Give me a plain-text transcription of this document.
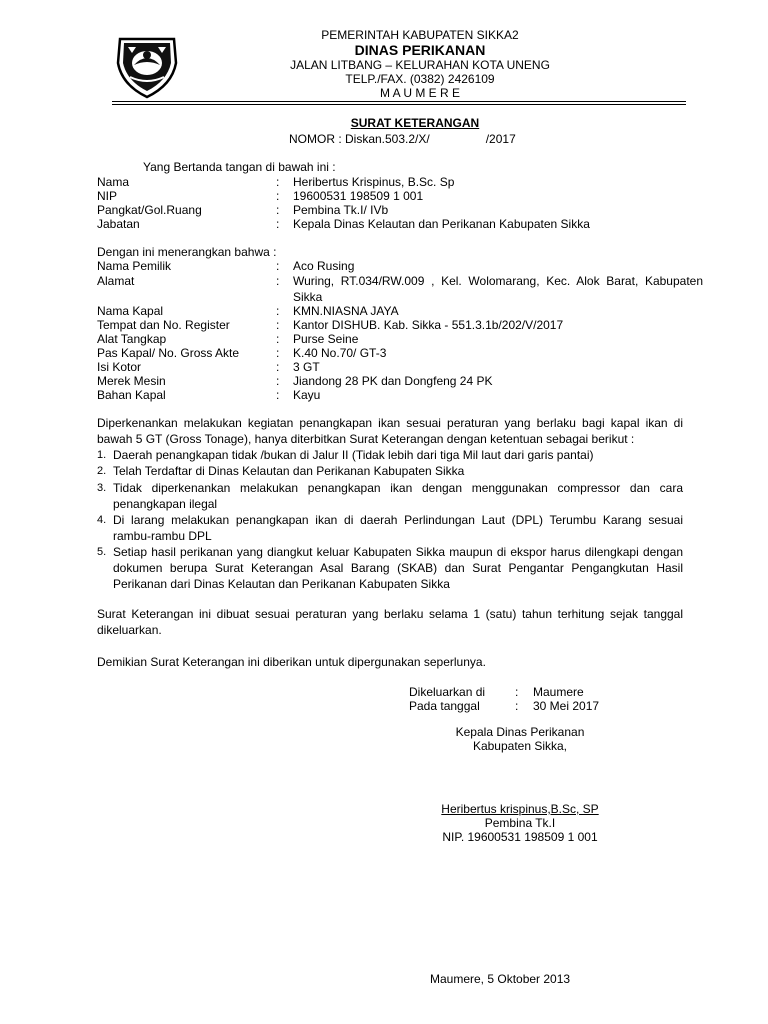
PEMERINTAH KABUPATEN SIKKA2
DINAS PERIKANAN
JALAN LITBANG – KELURAHAN KOTA UNENG
TELP./FAX. (0382) 2426109
M A U M E R E
SURAT KETERANGAN
NOMOR : Diskan.503.2/X/	/2017
Yang Bertanda tangan di bawah ini :
Nama	: Heribertus Krispinus, B.Sc. Sp
NIP	: 19600531 198509 1 001
Pangkat/Gol.Ruang	: Pembina Tk.I/ IVb
Jabatan	: Kepala Dinas Kelautan dan Perikanan Kabupaten Sikka
Dengan ini menerangkan bahwa :
Nama Pemilik	: Aco Rusing
Alamat	: Wuring, RT.034/RW.009 , Kel. Wolomarang, Kec. Alok Barat, Kabupaten Sikka
Nama Kapal	: KMN.NIASNA JAYA
Tempat dan No. Register	: Kantor DISHUB. Kab. Sikka - 551.3.1b/202/V/2017
Alat Tangkap	: Purse Seine
Pas Kapal/ No. Gross Akte	: K.40 No.70/ GT-3
Isi Kotor	: 3 GT
Merek Mesin	: Jiandong 28 PK dan Dongfeng 24 PK
Bahan Kapal	: Kayu
Diperkenankan melakukan kegiatan penangkapan ikan sesuai peraturan yang berlaku bagi kapal ikan di bawah 5 GT (Gross Tonage), hanya diterbitkan Surat Keterangan dengan ketentuan sebagai berikut :
1. Daerah penangkapan tidak /bukan di Jalur II (Tidak lebih dari tiga Mil laut dari garis pantai)
2. Telah Terdaftar di Dinas Kelautan dan Perikanan Kabupaten Sikka
3. Tidak diperkenankan melakukan penangkapan ikan dengan menggunakan compressor dan cara penangkapan ilegal
4. Di larang melakukan penangkapan ikan di daerah Perlindungan Laut (DPL) Terumbu Karang sesuai rambu-rambu DPL
5. Setiap hasil perikanan yang diangkut keluar Kabupaten Sikka maupun di ekspor harus dilengkapi dengan dokumen berupa Surat Keterangan Asal Barang (SKAB) dan Surat Pengantar Pengangkutan Hasil Perikanan dari Dinas Kelautan dan Perikanan Kabupaten Sikka
Surat Keterangan ini dibuat sesuai peraturan yang berlaku selama 1 (satu) tahun terhitung sejak tanggal dikeluarkan.
Demikian Surat Keterangan ini diberikan untuk dipergunakan seperlunya.
Dikeluarkan di : Maumere
Pada tanggal	: 30 Mei 2017
Kepala Dinas Perikanan
Kabupaten Sikka,
Heribertus krispinus,B.Sc, SP
Pembina Tk.I
NIP. 19600531 198509 1 001
Maumere, 5 Oktober 2013
